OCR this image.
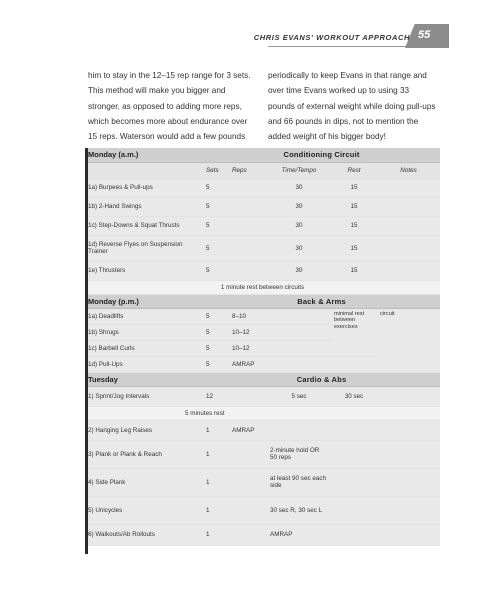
CHRIS EVANS' WORKOUT APPROACH 55
him to stay in the 12–15 rep range for 3 sets. This method will make you bigger and stronger, as opposed to adding more reps, which becomes more about endurance over 15 reps. Waterson would add a few pounds
periodically to keep Evans in that range and over time Evans worked up to using 33 pounds of external weight while doing pull-ups and 66 pounds in dips, not to mention the added weight of his bigger body!
Monday (a.m.)	Conditioning Circuit				
	Sets	Reps	Time/Tempo	Rest	Notes
1a) Burpees & Pull-ups	5		30	15	
1b) 2-Hand Swings	5		30	15	
1c) Step-Downs & Squat Thrusts	5		30	15	
1d) Reverse Flyes on Suspension Trainer	5		30	15	
1e) Thrusters	5		30	15	
1 minute rest between circuits					
Monday (p.m.)	Back & Arms				
1a) Deadlifts	5	8–10		minimal rest between exercises	circuit
1b) Shrugs	5	10–12			
1c) Barbell Curls	5	10–12			
1d) Pull-Ups	5	AMRAP			
Tuesday	Cardio & Abs				
1) Sprint/Jog Intervals	12		5 sec	30 sec	
5 minutes rest					
2) Hanging Leg Raises	1	AMRAP			
3) Plank or Plank & Reach	1		2-minute hold OR 50 reps		
4) Side Plank	1		at least 90 sec each side		
5) Unicycles	1		30 sec R, 30 sec L		
6) Walkouts/Ab Rollouts	1		AMRAP		
